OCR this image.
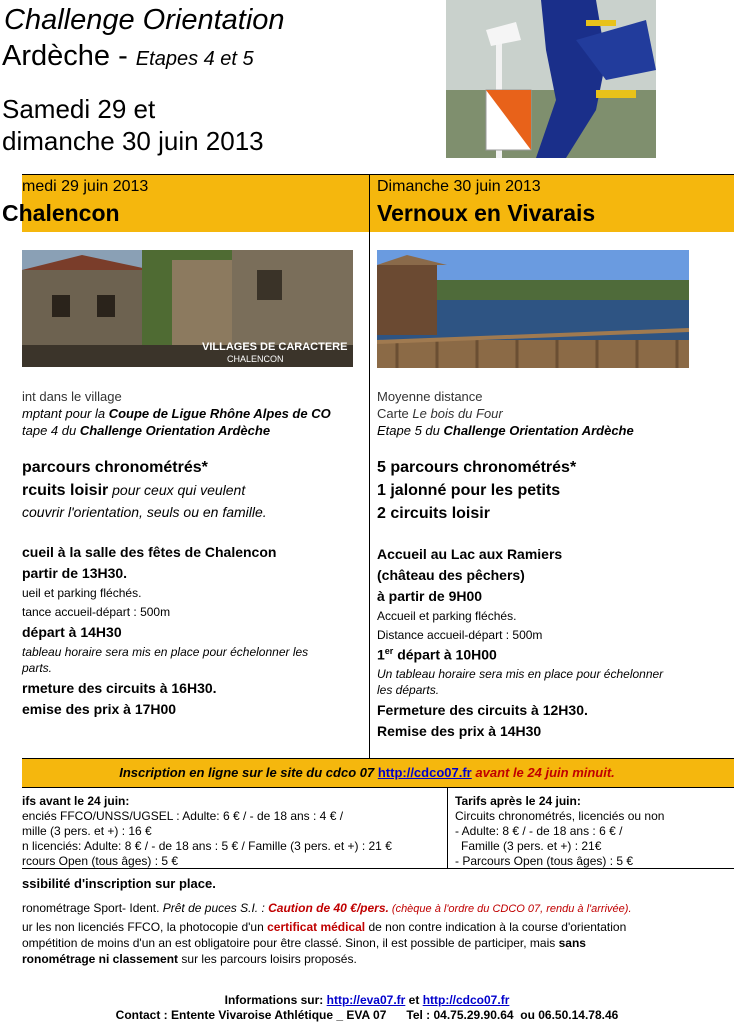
Challenge Orientation
Ardèche - Etapes 4 et 5
Samedi 29 et
dimanche 30 juin 2013
medi 29 juin 2013
Chalencon
Dimanche 30 juin 2013
Vernoux en Vivarais
VILLAGES DE CARACTERE
CHALENCON
int dans le village
mptant pour la Coupe de Ligue Rhône Alpes de CO
tape 4 du Challenge Orientation Ardèche
parcours chronométrés*
rcuits loisir pour ceux qui veulent
couvrir l'orientation, seuls ou en famille.
cueil à la salle des fêtes de Chalencon
partir de 13H30.
ueil et parking fléchés.
tance accueil-départ : 500m
départ à 14H30
tableau horaire sera mis en place pour échelonner les
parts.
rmeture des circuits à 16H30.
emise des prix à 17H00
Moyenne distance
Carte Le bois du Four
Etape 5 du Challenge Orientation Ardèche
5 parcours chronométrés*
1 jalonné pour les petits
2 circuits loisir
Accueil au Lac aux Ramiers
(château des pêchers)
à partir de 9H00
Accueil et parking fléchés.
Distance accueil-départ : 500m
1er départ à 10H00
Un tableau horaire sera mis en place pour échelonner
les départs.
Fermeture des circuits à 12H30.
Remise des prix à 14H30
Inscription en ligne sur le site du cdco 07 http://cdco07.fr avant le 24 juin minuit.
ifs avant le 24 juin:
enciés FFCO/UNSS/UGSEL : Adulte: 6 € / - de 18 ans : 4 € /
mille (3 pers. et +) : 16 €
n licenciés: Adulte: 8 € / - de 18 ans : 5 € / Famille (3 pers. et +) : 21 €
rcours Open (tous âges) : 5 €
Tarifs après le 24 juin:
Circuits chronométrés, licenciés ou non
- Adulte: 8 € / - de 18 ans : 6 € /
Famille (3 pers. et +) : 21€
- Parcours Open (tous âges) : 5 €
ssibilité d'inscription sur place.
ronométrage Sport- Ident. Prêt de puces S.I. : Caution de 40 €/pers. (chèque à l'ordre du CDCO 07, rendu à l'arrivée).
ur les non licenciés FFCO, la photocopie d'un certificat médical de non contre indication à la course d'orientation
ompétition de moins d'un an est obligatoire pour être classé. Sinon, il est possible de participer, mais sans
ronométrage ni classement sur les parcours loisirs proposés.
Informations sur: http://eva07.fr et http://cdco07.fr
Contact : Entente Vivaroise Athlétique _ EVA 07      Tel : 04.75.29.90.64  ou 06.50.14.78.46
